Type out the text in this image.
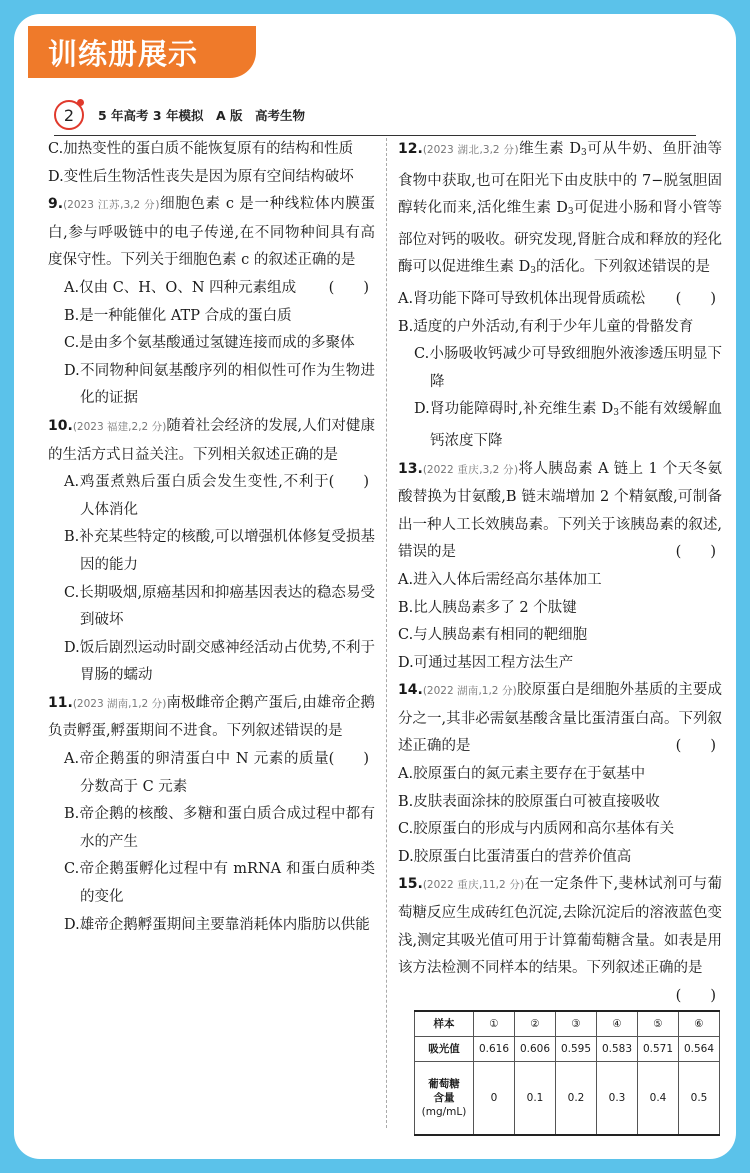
训练册展示
2 5 年高考 3 年模拟　A 版　高考生物
C.加热变性的蛋白质不能恢复原有的结构和性质
D.变性后生物活性丧失是因为原有空间结构破坏
9.(2023 江苏,3,2 分)细胞色素 c 是一种线粒体内膜蛋白,参与呼吸链中的电子传递,在不同物种间具有高度保守性。下列关于细胞色素 c 的叙述正确的是
(　　)
A.仅由 C、H、O、N 四种元素组成
B.是一种能催化 ATP 合成的蛋白质
C.是由多个氨基酸通过氢键连接而成的多聚体
D.不同物种间氨基酸序列的相似性可作为生物进化的证据
10.(2023 福建,2,2 分)随着社会经济的发展,人们对健康的生活方式日益关注。下列相关叙述正确的是
(　　)
A.鸡蛋煮熟后蛋白质会发生变性,不利于人体消化
B.补充某些特定的核酸,可以增强机体修复受损基因的能力
C.长期吸烟,原癌基因和抑癌基因表达的稳态易受到破坏
D.饭后剧烈运动时副交感神经活动占优势,不利于胃肠的蠕动
11.(2023 湖南,1,2 分)南极雌帝企鹅产蛋后,由雄帝企鹅负责孵蛋,孵蛋期间不进食。下列叙述错误的是
(　　)
A.帝企鹅蛋的卵清蛋白中 N 元素的质量分数高于 C 元素
B.帝企鹅的核酸、多糖和蛋白质合成过程中都有水的产生
C.帝企鹅蛋孵化过程中有 mRNA 和蛋白质种类的变化
D.雄帝企鹅孵蛋期间主要靠消耗体内脂肪以供能
12.(2023 湖北,3,2 分)维生素 $D_3$可从牛奶、鱼肝油等食物中获取,也可在阳光下由皮肤中的 7−脱氢胆固醇转化而来,活化维生素 $D_3$可促进小肠和肾小管等部位对钙的吸收。研究发现,肾脏合成和释放的羟化酶可以促进维生素 $D_3$的活化。下列叙述错误的是
(　　)
A.肾功能下降可导致机体出现骨质疏松
B.适度的户外活动,有利于少年儿童的骨骼发育
C.小肠吸收钙减少可导致细胞外液渗透压明显下降
D.肾功能障碍时,补充维生素 $D_3$不能有效缓解血钙浓度下降
13.(2022 重庆,3,2 分)将人胰岛素 A 链上 1 个天冬氨酸替换为甘氨酸,B 链末端增加 2 个精氨酸,可制备出一种人工长效胰岛素。下列关于该胰岛素的叙述,错误的是	(　　)
A.进入人体后需经高尔基体加工
B.比人胰岛素多了 2 个肽键
C.与人胰岛素有相同的靶细胞
D.可通过基因工程方法生产
14.(2022 湖南,1,2 分)胶原蛋白是细胞外基质的主要成分之一,其非必需氨基酸含量比蛋清蛋白高。下列叙述正确的是	(　　)
A.胶原蛋白的氮元素主要存在于氨基中
B.皮肤表面涂抹的胶原蛋白可被直接吸收
C.胶原蛋白的形成与内质网和高尔基体有关
D.胶原蛋白比蛋清蛋白的营养价值高
15.(2022 重庆,11,2 分)在一定条件下,斐林试剂可与葡萄糖反应生成砖红色沉淀,去除沉淀后的溶液蓝色变浅,测定其吸光值可用于计算葡萄糖含量。如表是用该方法检测不同样本的结果。下列叙述正确的是
(　　)
样本	①	②	③	④	⑤	⑥
吸光值	0.616	0.606	0.595	0.583	0.571	0.564

葡萄糖
含量
(mg/mL)	0	0.1	0.2	0.3	0.4	0.5
